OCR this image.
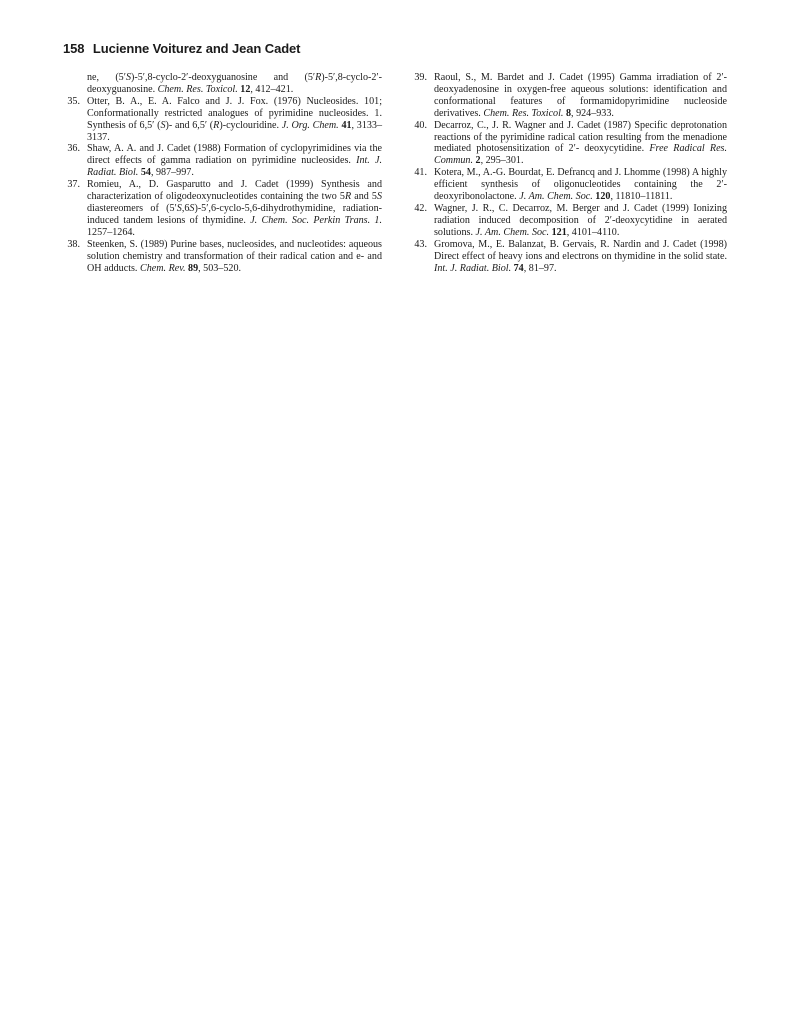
158 Lucienne Voiturez and Jean Cadet
ne, (5′S)-5′,8-cyclo-2′-deoxyguanosine and (5′R)-5′,8-cyclo-2′-deoxyguanosine. Chem. Res. Toxicol. 12, 412–421.
35. Otter, B. A., E. A. Falco and J. J. Fox. (1976) Nucleosides. 101; Conformationally restricted analogues of pyrimidine nucleosides. 1. Synthesis of 6,5′ (S)- and 6,5′ (R)-cyclouridine. J. Org. Chem. 41, 3133–3137.
36. Shaw, A. A. and J. Cadet (1988) Formation of cyclopyrimidines via the direct effects of gamma radiation on pyrimidine nucleosides. Int. J. Radiat. Biol. 54, 987–997.
37. Romieu, A., D. Gasparutto and J. Cadet (1999) Synthesis and characterization of oligodeoxynucleotides containing the two 5R and 5S diastereomers of (5′S,6S)-5′,6-cyclo-5,6-dihydrothymidine, radiation-induced tandem lesions of thymidine. J. Chem. Soc. Perkin Trans. 1. 1257–1264.
38. Steenken, S. (1989) Purine bases, nucleosides, and nucleotides: aqueous solution chemistry and transformation of their radical cation and e- and OH adducts. Chem. Rev. 89, 503–520.
39. Raoul, S., M. Bardet and J. Cadet (1995) Gamma irradiation of 2′-deoxyadenosine in oxygen-free aqueous solutions: identification and conformational features of formamidopyrimidine nucleoside derivatives. Chem. Res. Toxicol. 8, 924–933.
40. Decarroz, C., J. R. Wagner and J. Cadet (1987) Specific deprotonation reactions of the pyrimidine radical cation resulting from the menadione mediated photosensitization of 2′- deoxycytidine. Free Radical Res. Commun. 2, 295–301.
41. Kotera, M., A.-G. Bourdat, E. Defrancq and J. Lhomme (1998) A highly efficient synthesis of oligonucleotides containing the 2′-deoxyribonolactone. J. Am. Chem. Soc. 120, 11810–11811.
42. Wagner, J. R., C. Decarroz, M. Berger and J. Cadet (1999) Ionizing radiation induced decomposition of 2′-deoxycytidine in aerated solutions. J. Am. Chem. Soc. 121, 4101–4110.
43. Gromova, M., E. Balanzat, B. Gervais, R. Nardin and J. Cadet (1998) Direct effect of heavy ions and electrons on thymidine in the solid state. Int. J. Radiat. Biol. 74, 81–97.
